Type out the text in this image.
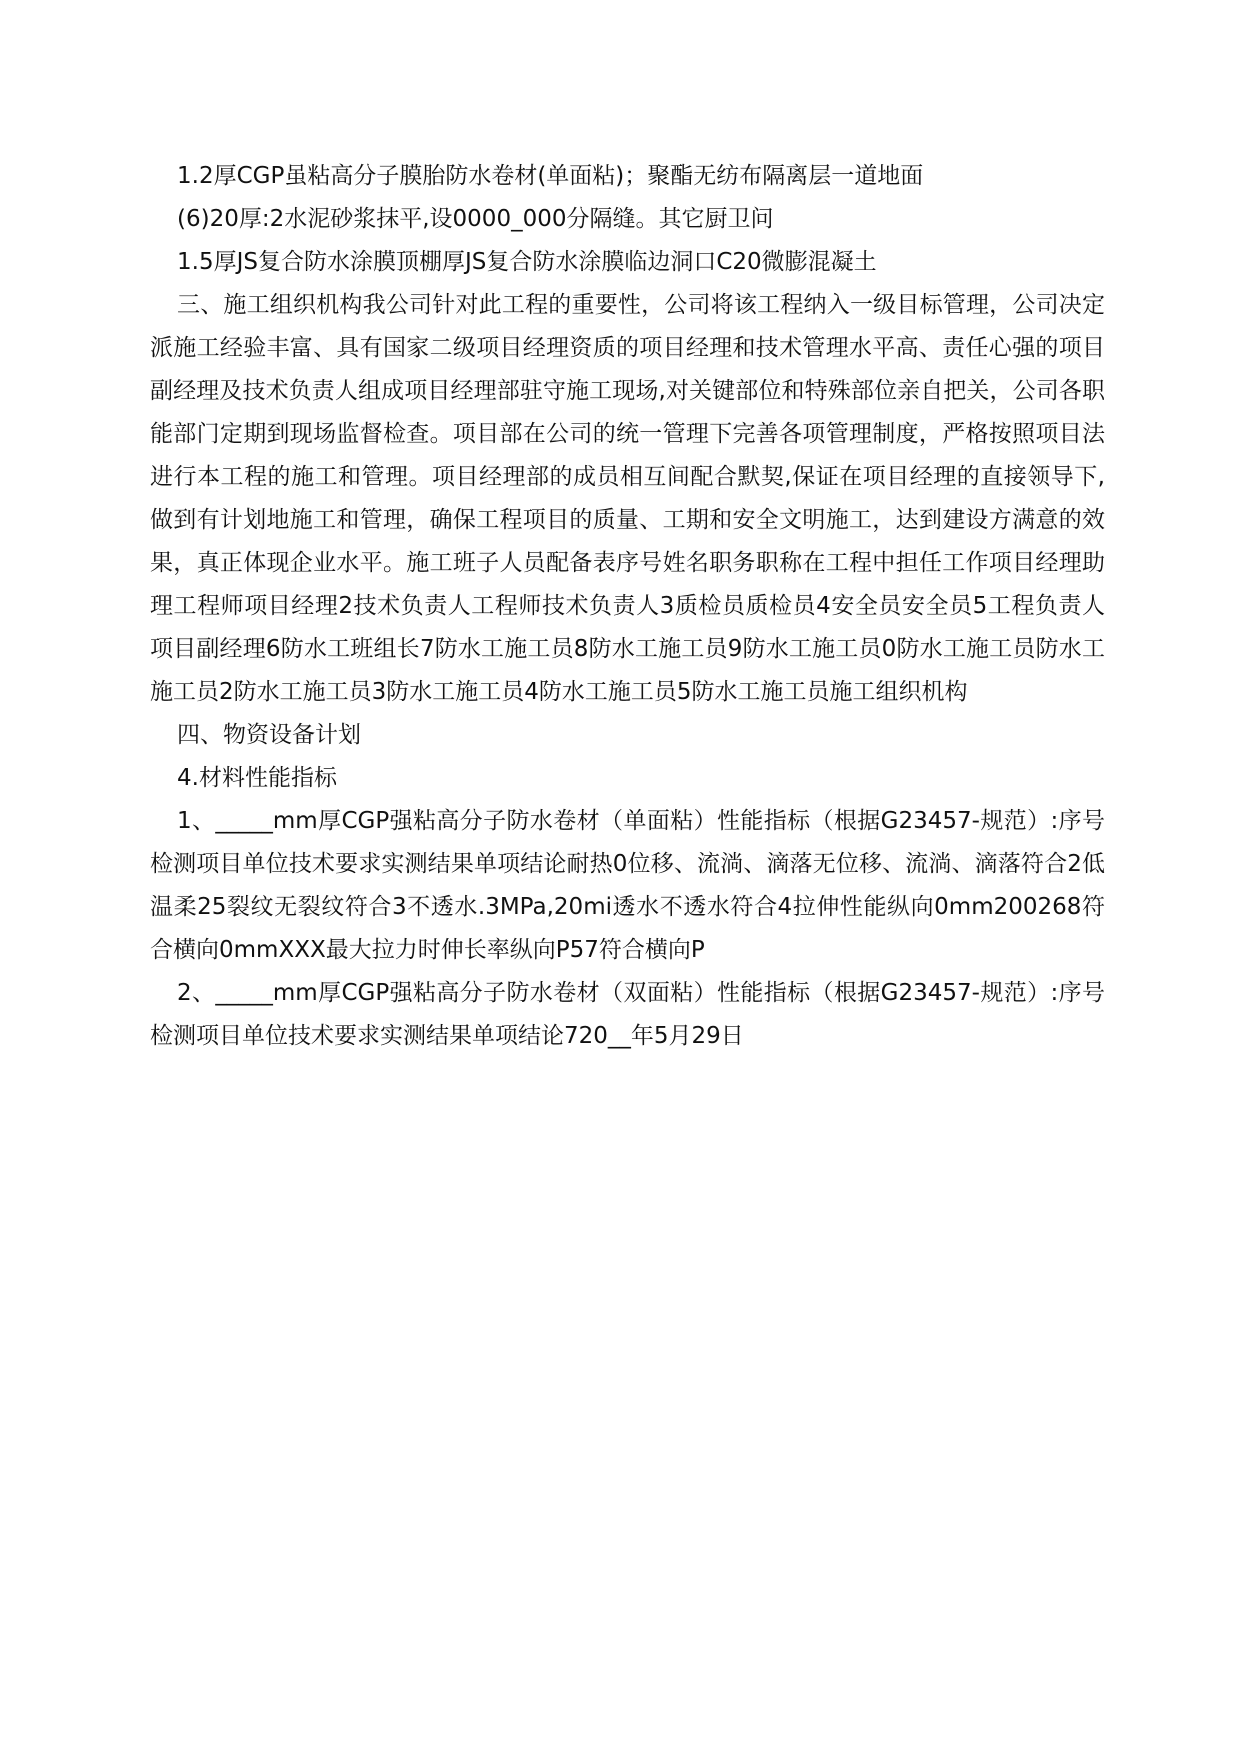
1.2厚CGP虽粘高分子膜胎防水卷材(单面粘)；聚酯无纺布隔离层一道地面

(6)20厚:2水泥砂浆抹平,设0000_000分隔缝。其它厨卫问

1.5厚JS复合防水涂膜顶棚厚JS复合防水涂膜临边洞口C20微膨混凝土

三、施工组织机构我公司针对此工程的重要性，公司将该工程纳入一级目标管理，公司决定派施工经验丰富、具有国家二级项目经理资质的项目经理和技术管理水平高、责任心强的项目副经理及技术负责人组成项目经理部驻守施工现场,对关键部位和特殊部位亲自把关，公司各职能部门定期到现场监督检查。项目部在公司的统一管理下完善各项管理制度，严格按照项目法进行本工程的施工和管理。项目经理部的成员相互间配合默契,保证在项目经理的直接领导下,做到有计划地施工和管理，确保工程项目的质量、工期和安全文明施工，达到建设方满意的效果，真正体现企业水平。施工班子人员配备表序号姓名职务职称在工程中担任工作项目经理助理工程师项目经理2技术负责人工程师技术负责人3质检员质检员4安全员安全员5工程负责人项目副经理6防水工班组长7防水工施工员8防水工施工员9防水工施工员0防水工施工员防水工施工员2防水工施工员3防水工施工员4防水工施工员5防水工施工员施工组织机构

四、物资设备计划

4.材料性能指标

1、_____mm厚CGP强粘高分子防水卷材（单面粘）性能指标（根据G23457-规范）:序号检测项目单位技术要求实测结果单项结论耐热0位移、流淌、滴落无位移、流淌、滴落符合2低温柔25裂纹无裂纹符合3不透水.3MPa,20mi透水不透水符合4拉伸性能纵向0mm200268符合横向0mmXXX最大拉力时伸长率纵向P57符合横向P

2、_____mm厚CGP强粘高分子防水卷材（双面粘）性能指标（根据G23457-规范）:序号检测项目单位技术要求实测结果单项结论720__年5月29日
